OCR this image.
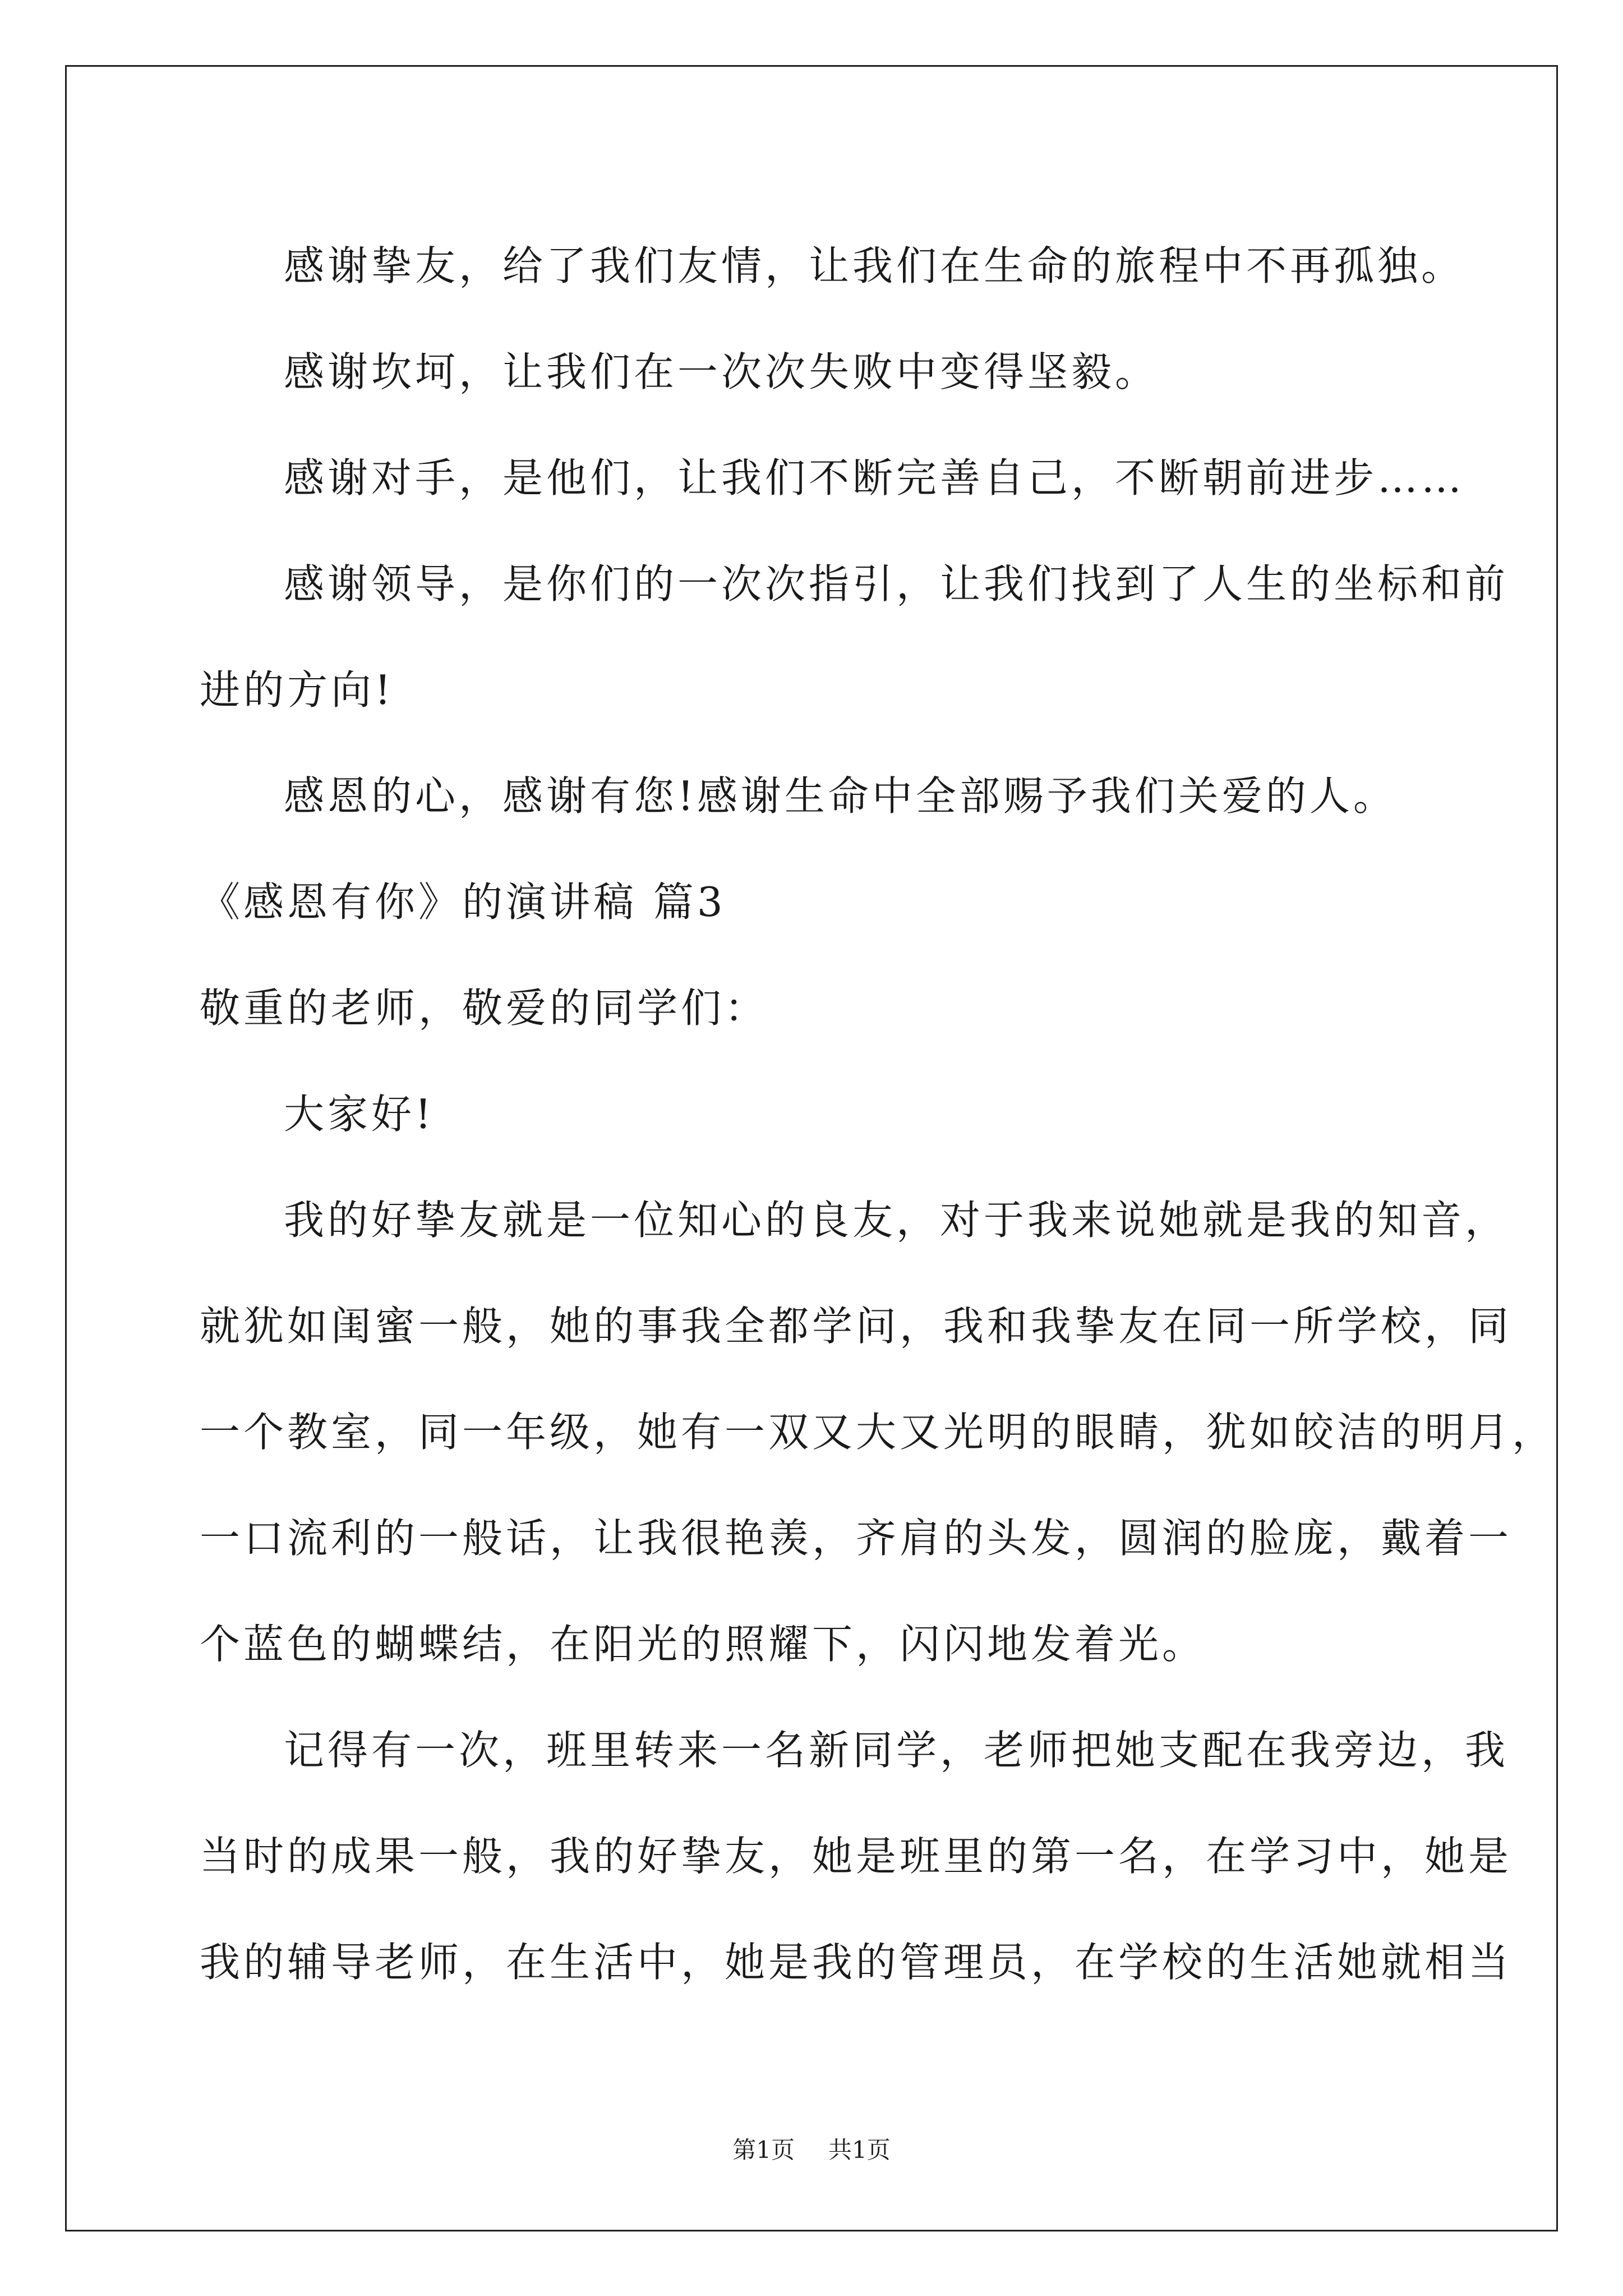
感谢挚友，给了我们友情，让我们在生命的旅程中不再孤独。

感谢坎坷，让我们在一次次失败中变得坚毅。

感谢对手，是他们，让我们不断完善自己，不断朝前进步……

感谢领导，是你们的一次次指引，让我们找到了人生的坐标和前

进的方向!

感恩的心，感谢有您!感谢生命中全部赐予我们关爱的人。

《感恩有你》的演讲稿 篇3

敬重的老师，敬爱的同学们：

大家好!

我的好挚友就是一位知心的良友，对于我来说她就是我的知音，

就犹如闺蜜一般，她的事我全都学问，我和我挚友在同一所学校，同

一个教室，同一年级，她有一双又大又光明的眼睛，犹如皎洁的明月，

一口流利的一般话，让我很艳羡，齐肩的头发，圆润的脸庞，戴着一

个蓝色的蝴蝶结，在阳光的照耀下，闪闪地发着光。

记得有一次，班里转来一名新同学，老师把她支配在我旁边，我

当时的成果一般，我的好挚友，她是班里的第一名，在学习中，她是

我的辅导老师，在生活中，她是我的管理员，在学校的生活她就相当

第1页 共1页
